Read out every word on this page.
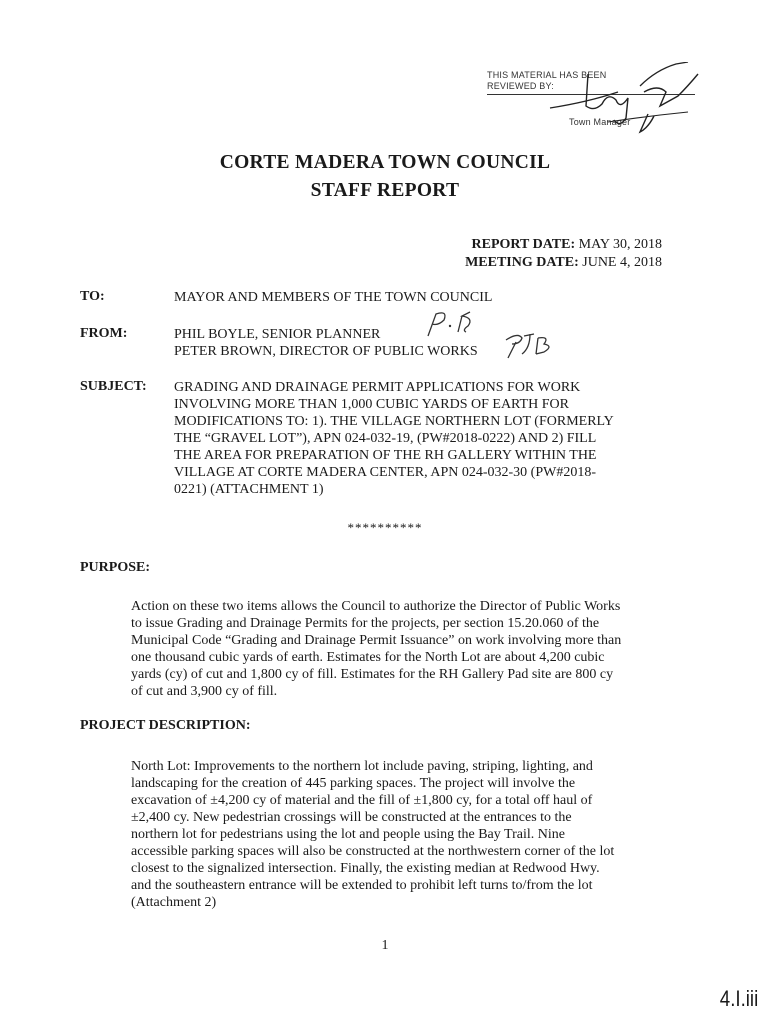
THIS MATERIAL HAS BEEN
REVIEWED BY:
Town Manager
CORTE MADERA TOWN COUNCIL
STAFF REPORT
REPORT DATE: MAY 30, 2018
MEETING DATE: JUNE 4, 2018
TO:	MAYOR AND MEMBERS OF THE TOWN COUNCIL
FROM:	PHIL BOYLE, SENIOR PLANNER
PETER BROWN, DIRECTOR OF PUBLIC WORKS
SUBJECT: GRADING AND DRAINAGE PERMIT APPLICATIONS FOR WORK
INVOLVING MORE THAN 1,000 CUBIC YARDS OF EARTH FOR
MODIFICATIONS TO: 1). THE VILLAGE NORTHERN LOT (FORMERLY
THE “GRAVEL LOT”), APN 024-032-19, (PW#2018-0222) AND 2) FILL
THE AREA FOR PREPARATION OF THE RH GALLERY WITHIN THE
VILLAGE AT CORTE MADERA CENTER, APN 024-032-30 (PW#2018-
0221) (ATTACHMENT 1)
**********
PURPOSE:
Action on these two items allows the Council to authorize the Director of Public Works
to issue Grading and Drainage Permits for the projects, per section 15.20.060 of the
Municipal Code “Grading and Drainage Permit Issuance” on work involving more than
one thousand cubic yards of earth. Estimates for the North Lot are about 4,200 cubic
yards (cy) of cut and 1,800 cy of fill. Estimates for the RH Gallery Pad site are 800 cy
of cut and 3,900 cy of fill.
PROJECT DESCRIPTION:
North Lot: Improvements to the northern lot include paving, striping, lighting, and
landscaping for the creation of 445 parking spaces. The project will involve the
excavation of ±4,200 cy of material and the fill of ±1,800 cy, for a total off haul of
±2,400 cy. New pedestrian crossings will be constructed at the entrances to the
northern lot for pedestrians using the lot and people using the Bay Trail. Nine
accessible parking spaces will also be constructed at the northwestern corner of the lot
closest to the signalized intersection. Finally, the existing median at Redwood Hwy.
and the southeastern entrance will be extended to prohibit left turns to/from the lot
(Attachment 2)
1
4.I.iii
